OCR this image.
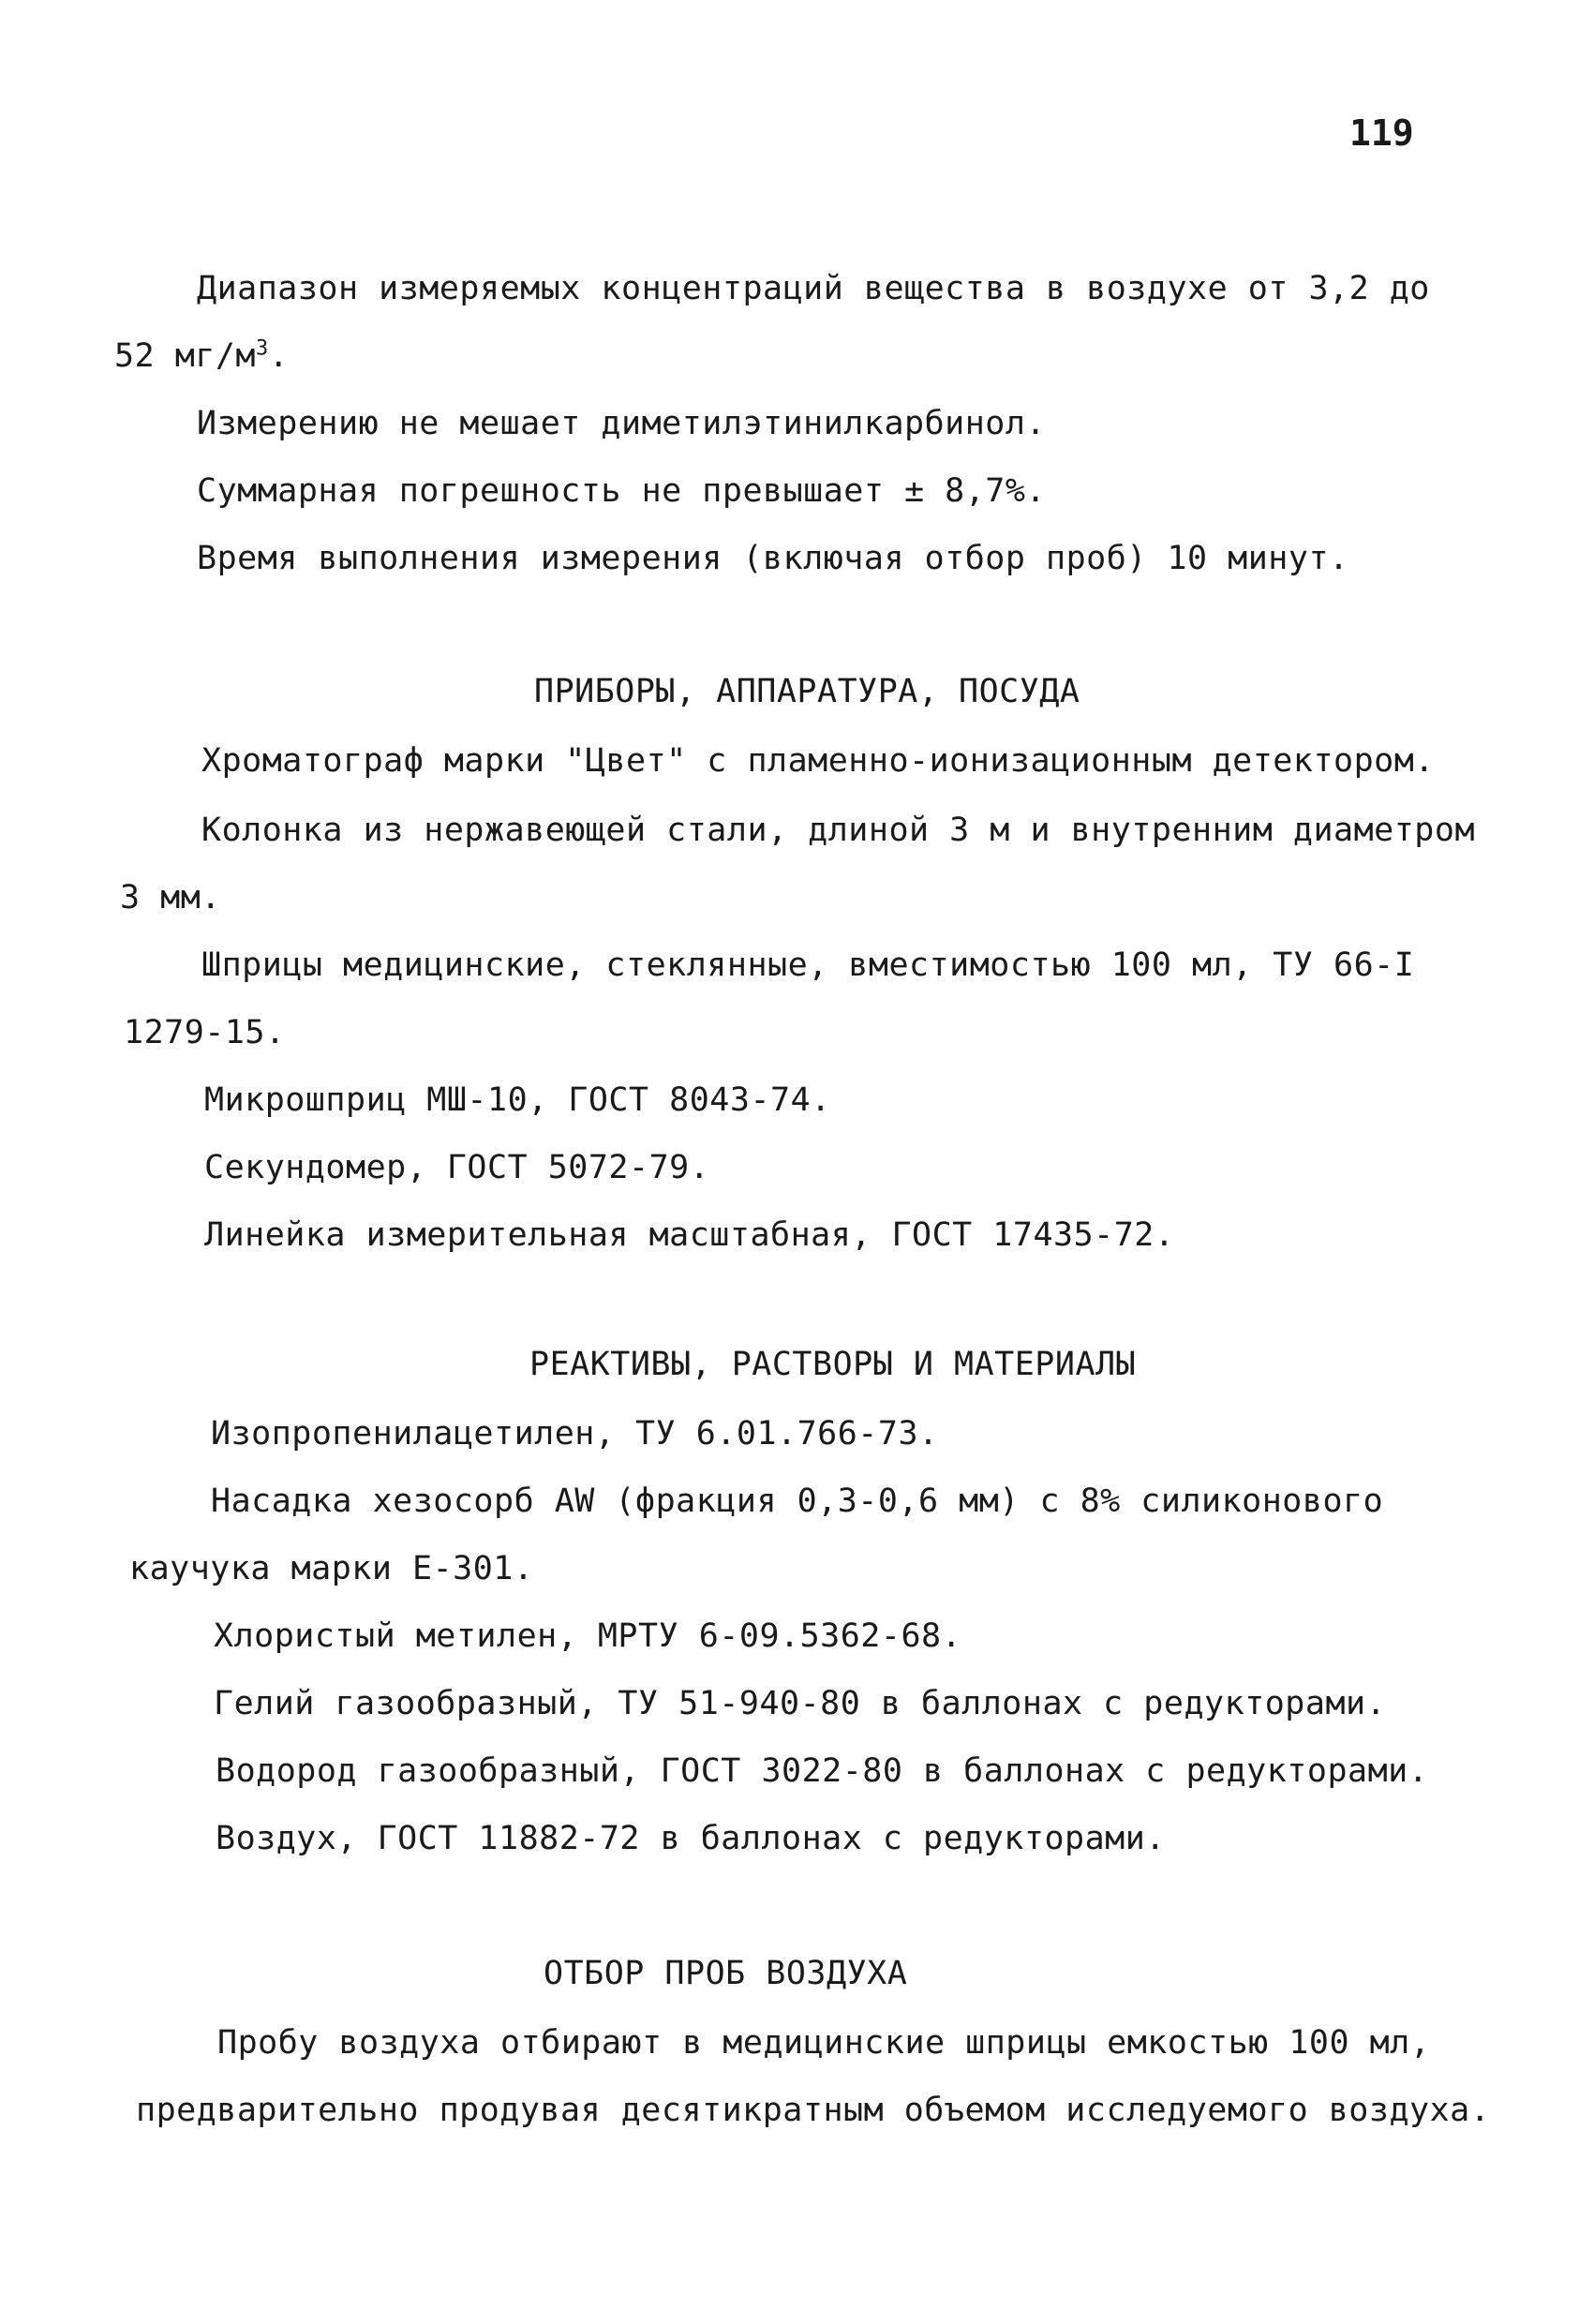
119
Диапазон измеряемых концентраций вещества в воздухе от 3,2 до
52 $мг/м^3$.
Измерению не мешает диметилэтинилкарбинол.
Суммарная погрешность не превышает ± 8,7%.
Время выполнения измерения (включая отбор проб) 10 минут.
ПРИБОРЫ, АППАРАТУРА, ПОСУДА
Хроматограф марки "Цвет" с пламенно-ионизационным детектором.
Колонка из нержавеющей стали, длиной 3 м и внутренним диаметром
3 мм.
Шприцы медицинские, стеклянные, вместимостью 100 мл, ТУ 66-I
1279-15.
Микрошприц МШ-10, ГОСТ 8043-74.
Секундомер, ГОСТ 5072-79.
Линейка измерительная масштабная, ГОСТ 17435-72.
РЕАКТИВЫ, РАСТВОРЫ И МАТЕРИАЛЫ
Изопропенилацетилен, ТУ 6.01.766-73.
Насадка хезосорб AW (фракция 0,3-0,6 мм) с 8% силиконового
каучука марки Е-301.
Хлористый метилен, МРТУ 6-09.5362-68.
Гелий газообразный, ТУ 51-940-80 в баллонах с редукторами.
Водород газообразный, ГОСТ 3022-80 в баллонах с редукторами.
Воздух, ГОСТ 11882-72 в баллонах с редукторами.
ОТБОР ПРОБ ВОЗДУХА
Пробу воздуха отбирают в медицинские шприцы емкостью 100 мл,
предварительно продувая десятикратным объемом исследуемого воздуха.
